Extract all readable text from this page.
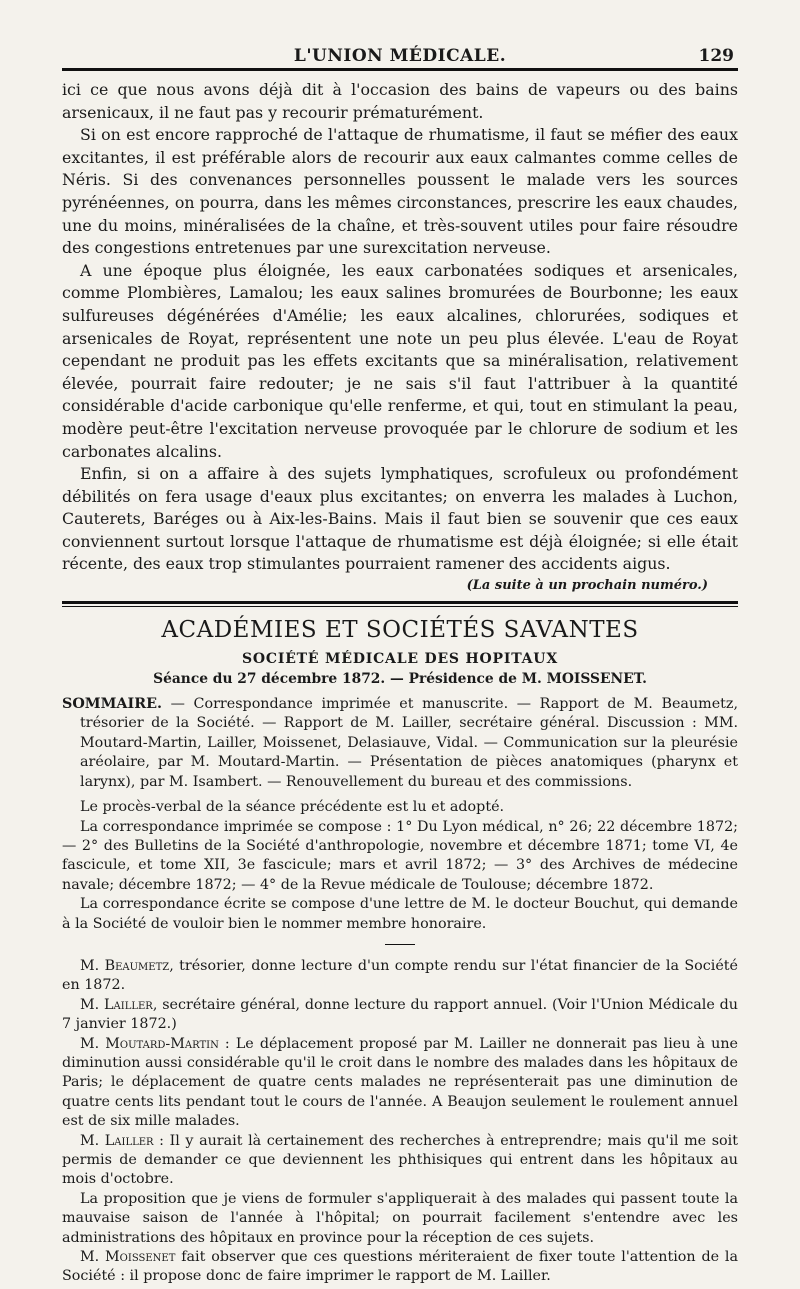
L'UNION MÉDICALE.	129

ici ce que nous avons déjà dit à l'occasion des bains de vapeurs ou des bains arsenicaux, il ne faut pas y recourir prématurément.

Si on est encore rapproché de l'attaque de rhumatisme, il faut se méfier des eaux excitantes, il est préférable alors de recourir aux eaux calmantes comme celles de Néris. Si des convenances personnelles poussent le malade vers les sources pyrénéennes, on pourra, dans les mêmes circonstances, prescrire les eaux chaudes, une du moins, minéralisées de la chaîne, et très-souvent utiles pour faire résoudre des congestions entretenues par une surexcitation nerveuse.

A une époque plus éloignée, les eaux carbonatées sodiques et arsenicales, comme Plombières, Lamalou; les eaux salines bromurées de Bourbonne; les eaux sulfureuses dégénérées d'Amélie; les eaux alcalines, chlorurées, sodiques et arsenicales de Royat, représentent une note un peu plus élevée. L'eau de Royat cependant ne produit pas les effets excitants que sa minéralisation, relativement élevée, pourrait faire redouter; je ne sais s'il faut l'attribuer à la quantité considérable d'acide carbonique qu'elle renferme, et qui, tout en stimulant la peau, modère peut-être l'excitation nerveuse provoquée par le chlorure de sodium et les carbonates alcalins.

Enfin, si on a affaire à des sujets lymphatiques, scrofuleux ou profondément débilités on fera usage d'eaux plus excitantes; on enverra les malades à Luchon, Cauterets, Baréges ou à Aix-les-Bains. Mais il faut bien se souvenir que ces eaux conviennent surtout lorsque l'attaque de rhumatisme est déjà éloignée; si elle était récente, des eaux trop stimulantes pourraient ramener des accidents aigus.

(La suite à un prochain numéro.)
ACADÉMIES ET SOCIÉTÉS SAVANTES
SOCIÉTÉ MÉDICALE DES HOPITAUX
Séance du 27 décembre 1872. — Présidence de M. MOISSENET.

SOMMAIRE. — Correspondance imprimée et manuscrite. — Rapport de M. Beaumetz, trésorier de la Société. — Rapport de M. Lailler, secrétaire général. Discussion : MM. Moutard-Martin, Lailler, Moissenet, Delasiauve, Vidal. — Communication sur la pleurésie aréolaire, par M. Moutard-Martin. — Présentation de pièces anatomiques (pharynx et larynx), par M. Isambert. — Renouvellement du bureau et des commissions.

Le procès-verbal de la séance précédente est lu et adopté.

La correspondance imprimée se compose : 1° Du Lyon médical, n° 26; 22 décembre 1872; — 2° des Bulletins de la Société d'anthropologie, novembre et décembre 1871; tome VI, 4e fascicule, et tome XII, 3e fascicule; mars et avril 1872; — 3° des Archives de médecine navale; décembre 1872; — 4° de la Revue médicale de Toulouse; décembre 1872.

La correspondance écrite se compose d'une lettre de M. le docteur Bouchut, qui demande à la Société de vouloir bien le nommer membre honoraire.

M. Beaumetz, trésorier, donne lecture d'un compte rendu sur l'état financier de la Société en 1872.

M. Lailler, secrétaire général, donne lecture du rapport annuel. (Voir l'Union Médicale du 7 janvier 1872.)

M. Moutard-Martin : Le déplacement proposé par M. Lailler ne donnerait pas lieu à une diminution aussi considérable qu'il le croit dans le nombre des malades dans les hôpitaux de Paris; le déplacement de quatre cents malades ne représenterait pas une diminution de quatre cents lits pendant tout le cours de l'année. A Beaujon seulement le roulement annuel est de six mille malades.

M. Lailler : Il y aurait là certainement des recherches à entreprendre; mais qu'il me soit permis de demander ce que deviennent les phthisiques qui entrent dans les hôpitaux au mois d'octobre.

La proposition que je viens de formuler s'appliquerait à des malades qui passent toute la mauvaise saison de l'année à l'hôpital; on pourrait facilement s'entendre avec les administrations des hôpitaux en province pour la réception de ces sujets.

M. Moissenet fait observer que ces questions mériteraient de fixer toute l'attention de la Société : il propose donc de faire imprimer le rapport de M. Lailler.
